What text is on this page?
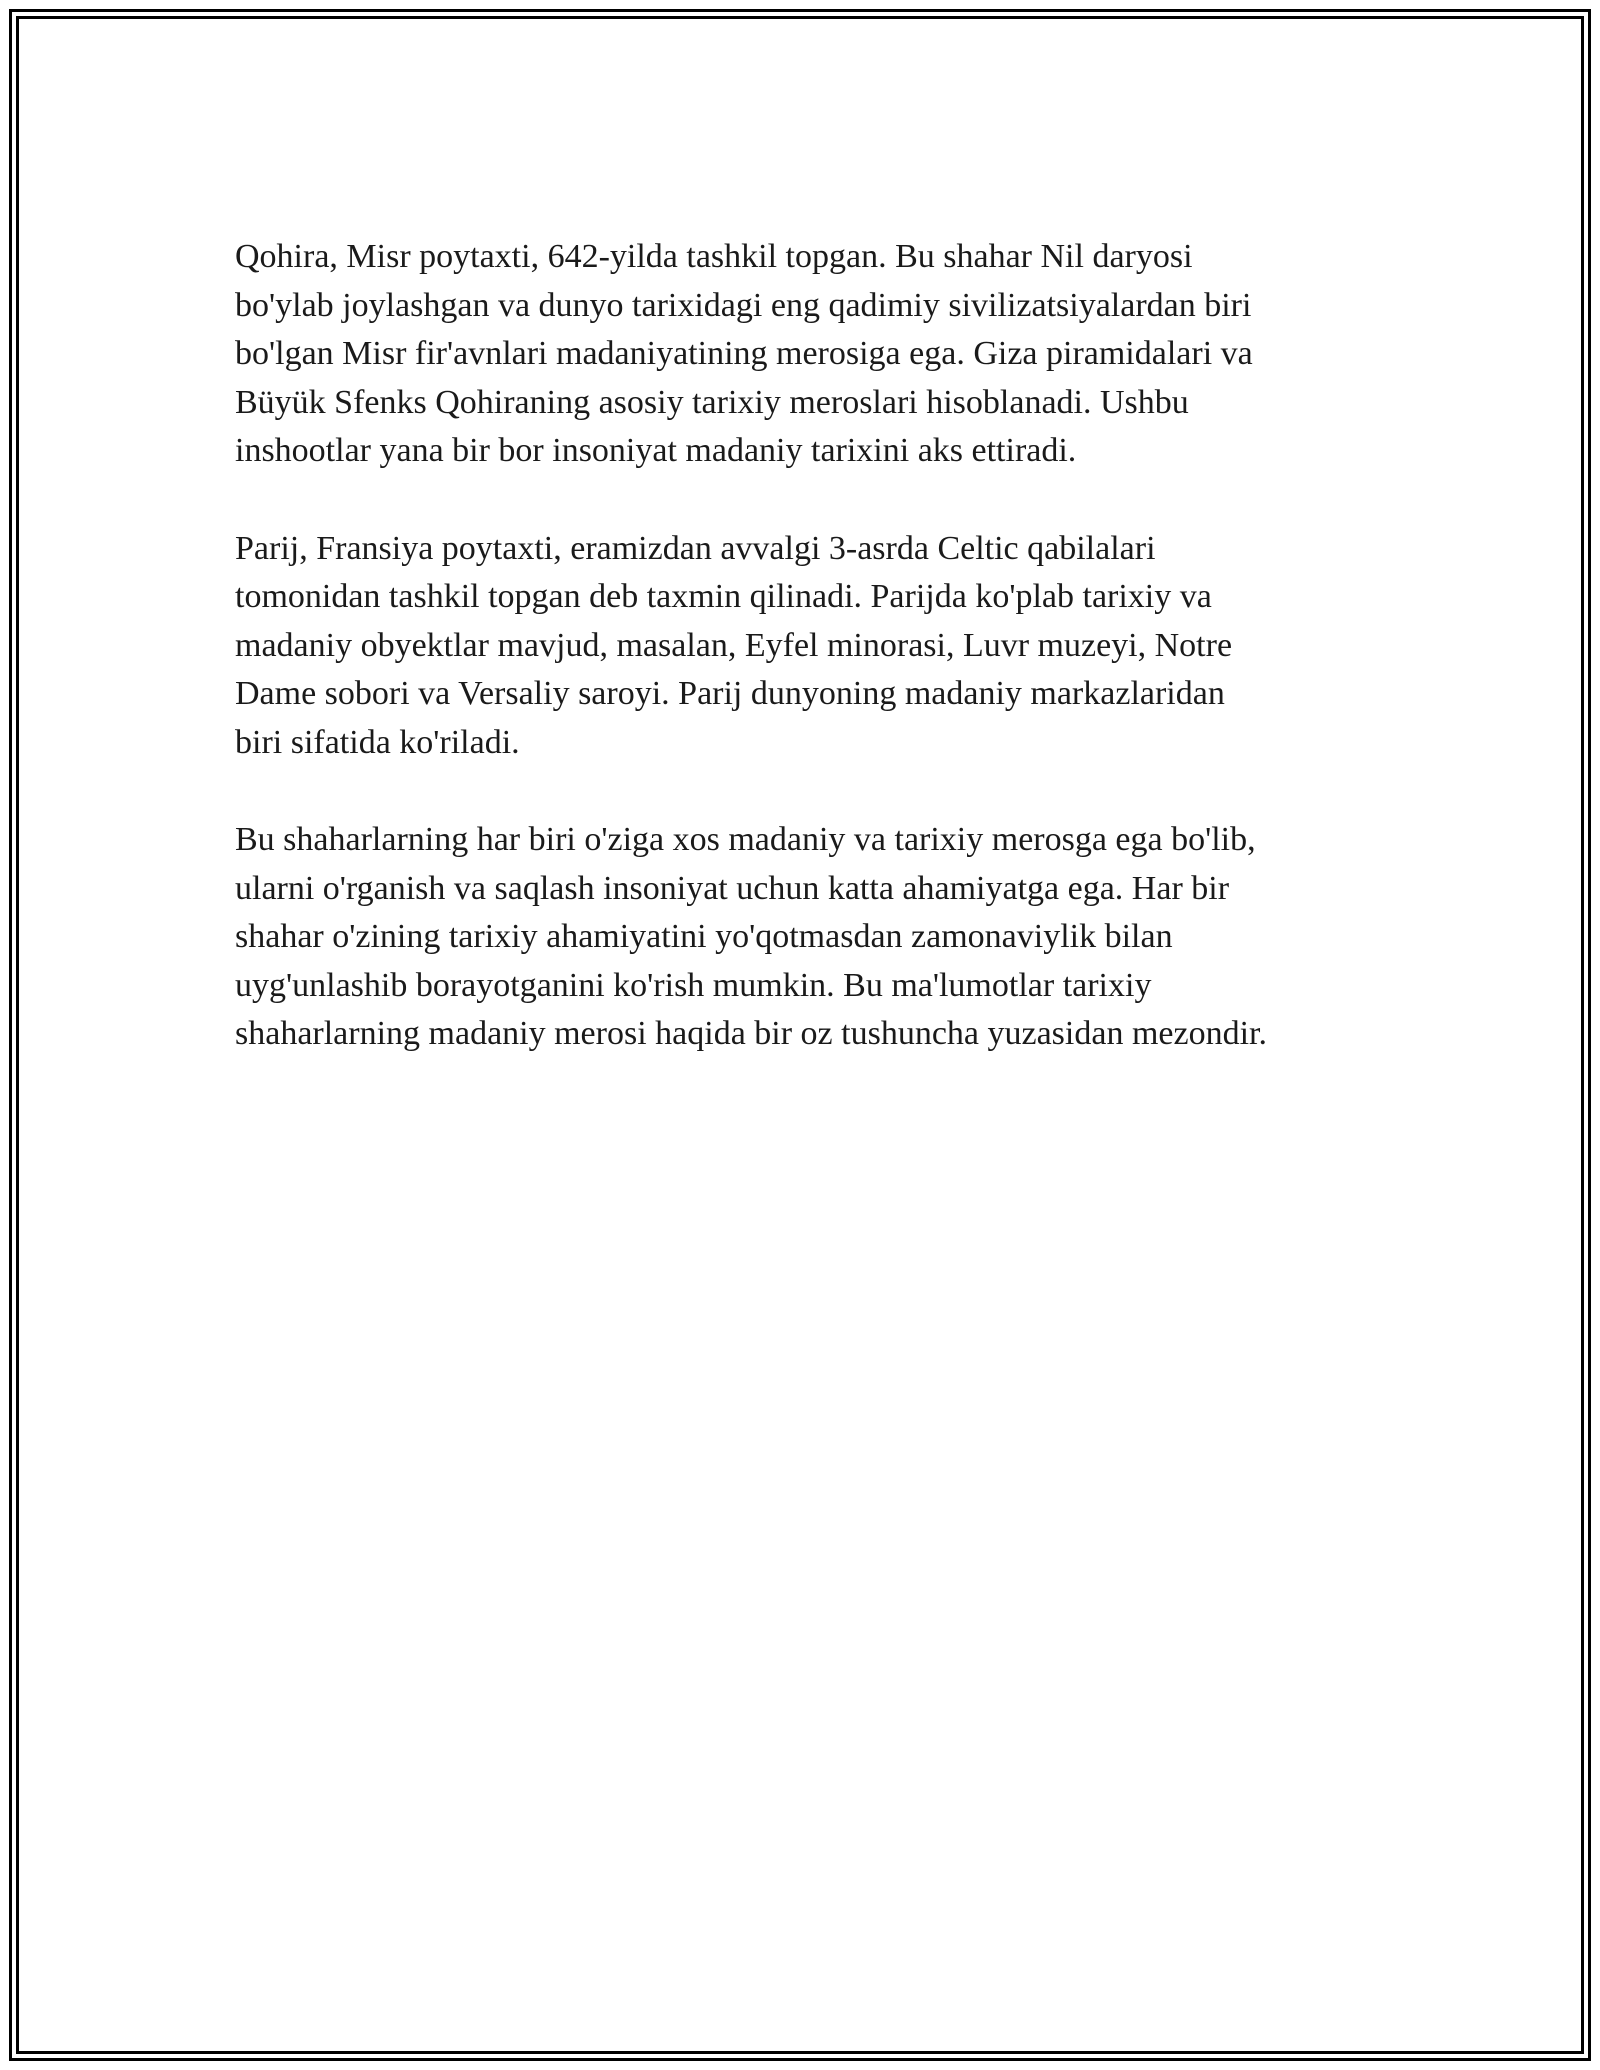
Qohira, Misr poytaxti, 642-yilda tashkil topgan. Bu shahar Nil daryosi
bo'ylab joylashgan va dunyo tarixidagi eng qadimiy sivilizatsiyalardan biri
bo'lgan Misr fir'avnlari madaniyatining merosiga ega. Giza piramidalari va
Büyük Sfenks Qohiraning asosiy tarixiy meroslari hisoblanadi. Ushbu
inshootlar yana bir bor insoniyat madaniy tarixini aks ettiradi.

Parij, Fransiya poytaxti, eramizdan avvalgi 3-asrda Celtic qabilalari
tomonidan tashkil topgan deb taxmin qilinadi. Parijda ko'plab tarixiy va
madaniy obyektlar mavjud, masalan, Eyfel minorasi, Luvr muzeyi, Notre
Dame sobori va Versaliy saroyi. Parij dunyoning madaniy markazlaridan
biri sifatida ko'riladi.

Bu shaharlarning har biri o'ziga xos madaniy va tarixiy merosga ega bo'lib,
ularni o'rganish va saqlash insoniyat uchun katta ahamiyatga ega. Har bir
shahar o'zining tarixiy ahamiyatini yo'qotmasdan zamonaviylik bilan
uyg'unlashib borayotganini ko'rish mumkin. Bu ma'lumotlar tarixiy
shaharlarning madaniy merosi haqida bir oz tushuncha yuzasidan mezondir.
